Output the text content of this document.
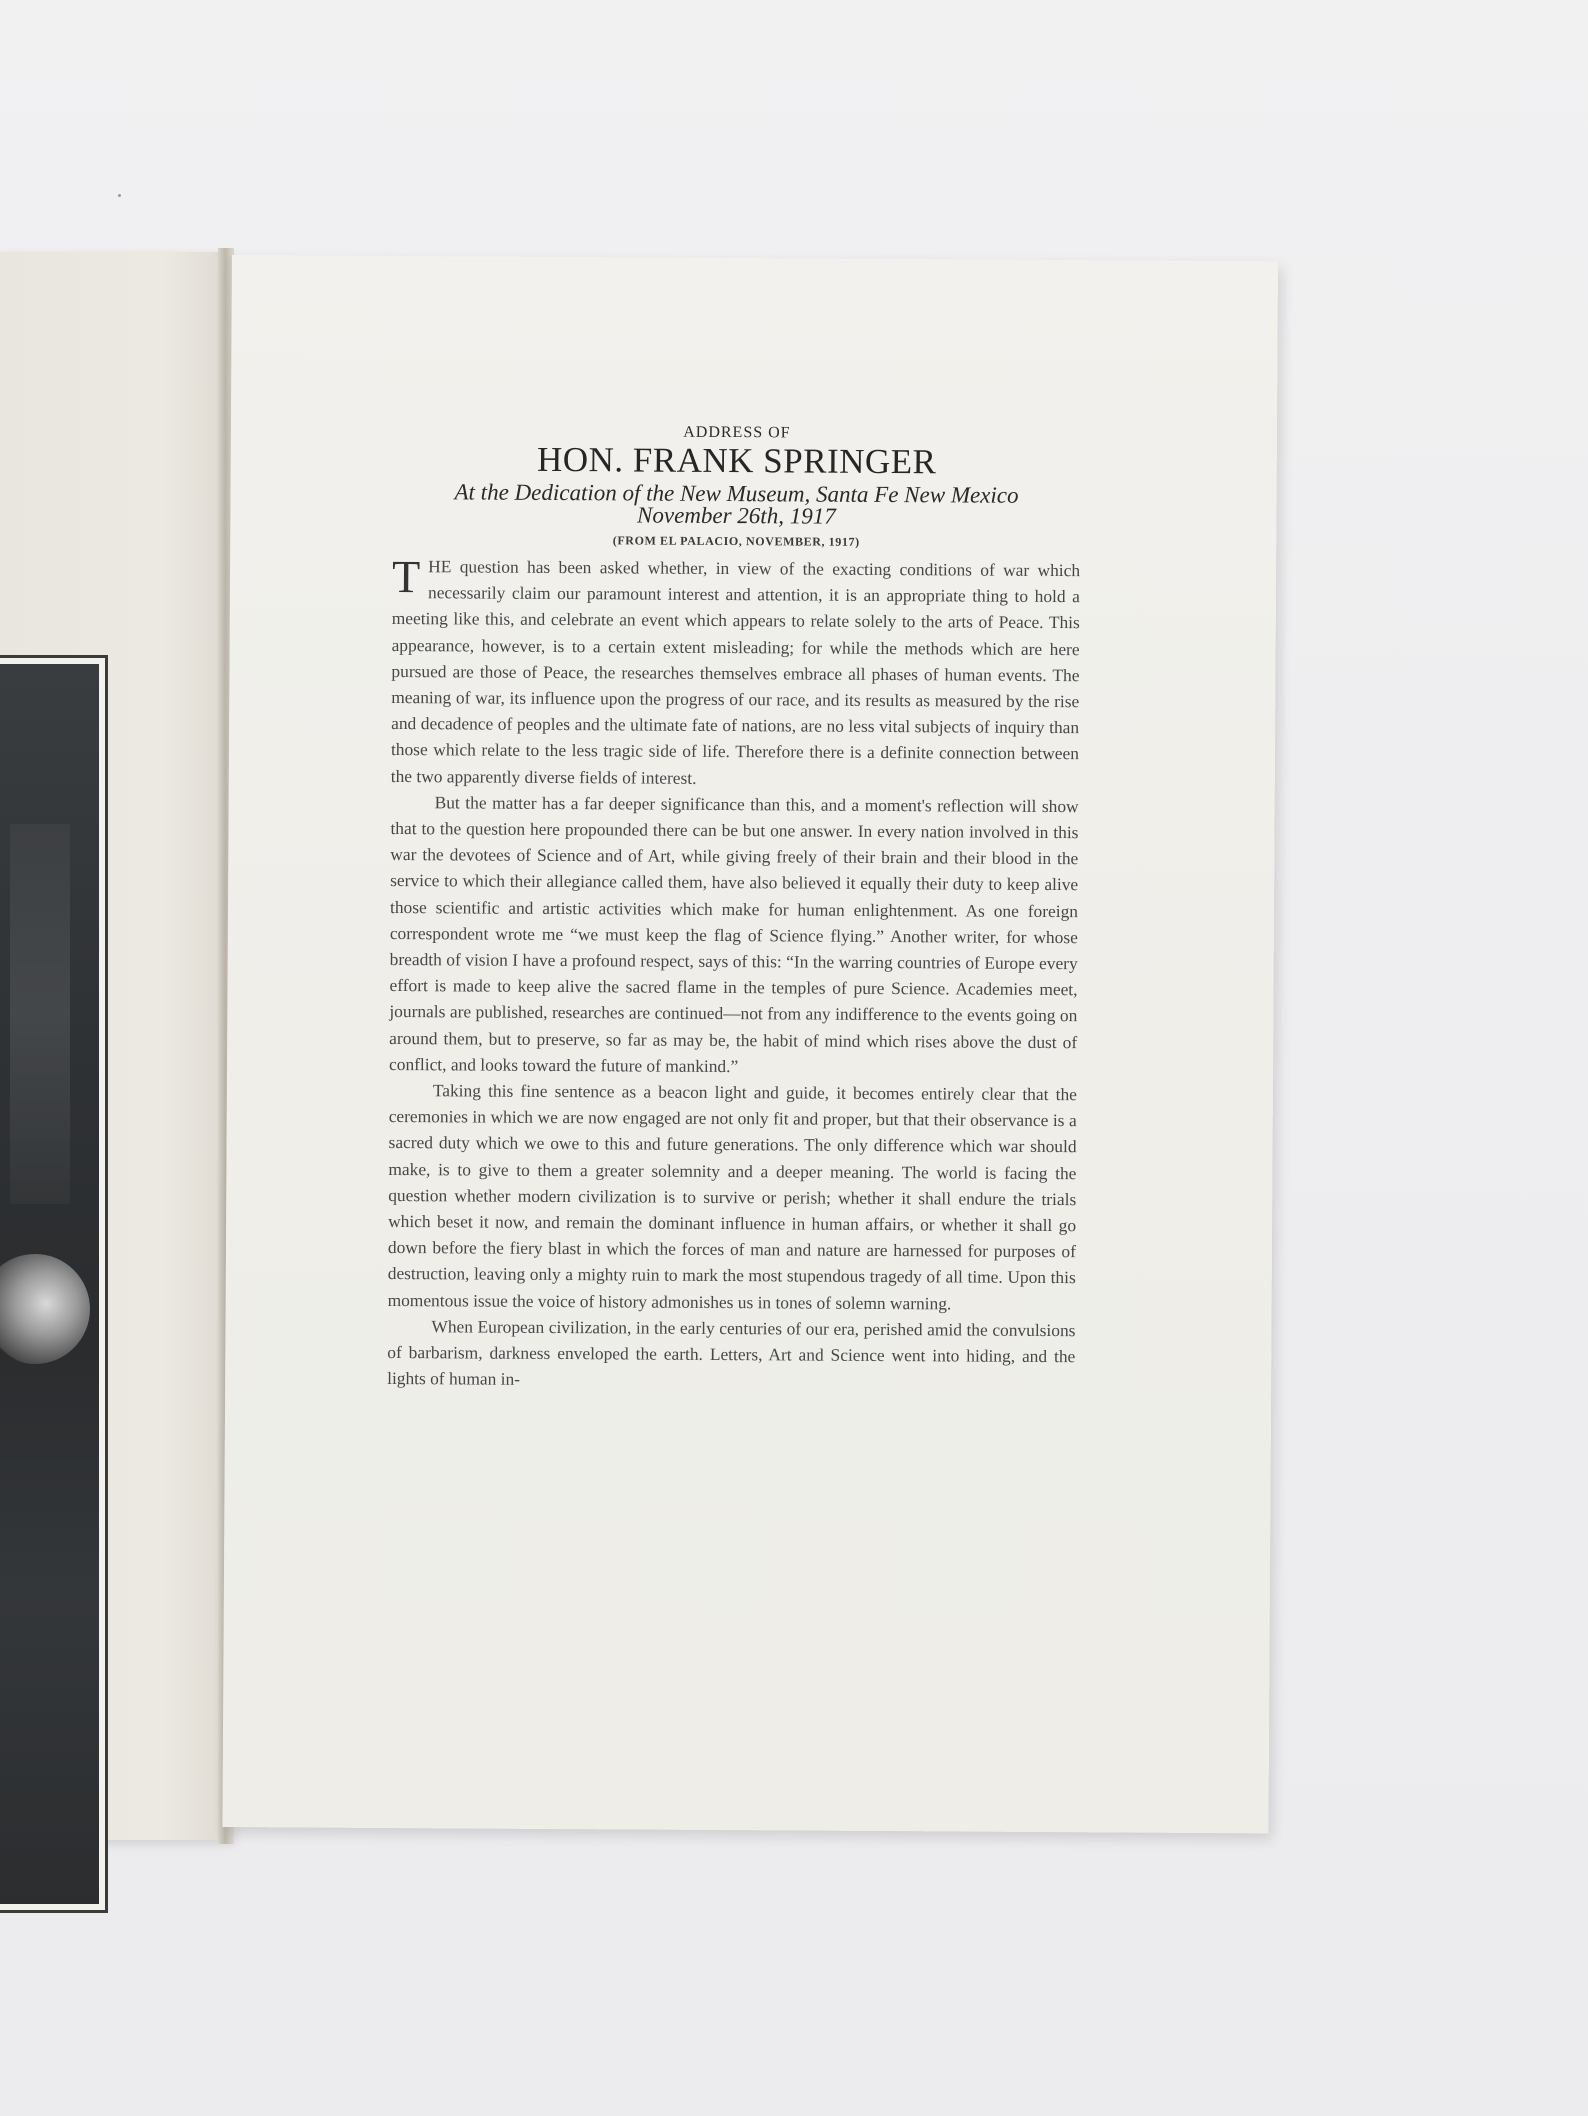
ADDRESS OF

HON. FRANK SPRINGER

At the Dedication of the New Museum, Santa Fe New Mexico

November 26th, 1917

(FROM EL PALACIO, NOVEMBER, 1917)

THE question has been asked whether, in view of the exacting conditions of war which necessarily claim our paramount interest and attention, it is an appropriate thing to hold a meeting like this, and celebrate an event which appears to relate solely to the arts of Peace. This appearance, however, is to a certain extent misleading; for while the methods which are here pursued are those of Peace, the researches themselves embrace all phases of human events. The meaning of war, its influence upon the progress of our race, and its results as measured by the rise and decadence of peoples and the ultimate fate of nations, are no less vital subjects of inquiry than those which relate to the less tragic side of life. Therefore there is a definite connection between the two apparently diverse fields of interest.

But the matter has a far deeper significance than this, and a moment's reflection will show that to the question here propounded there can be but one answer. In every nation involved in this war the devotees of Science and of Art, while giving freely of their brain and their blood in the service to which their allegiance called them, have also believed it equally their duty to keep alive those scientific and artistic activities which make for human enlightenment. As one foreign correspondent wrote me “we must keep the flag of Science flying.” Another writer, for whose breadth of vision I have a profound respect, says of this: “In the warring countries of Europe every effort is made to keep alive the sacred flame in the temples of pure Science. Academies meet, journals are published, researches are continued—not from any indifference to the events going on around them, but to preserve, so far as may be, the habit of mind which rises above the dust of conflict, and looks toward the future of mankind.”

Taking this fine sentence as a beacon light and guide, it becomes entirely clear that the ceremonies in which we are now engaged are not only fit and proper, but that their observance is a sacred duty which we owe to this and future generations. The only difference which war should make, is to give to them a greater solemnity and a deeper meaning. The world is facing the question whether modern civilization is to survive or perish; whether it shall endure the trials which beset it now, and remain the dominant influence in human affairs, or whether it shall go down before the fiery blast in which the forces of man and nature are harnessed for purposes of destruction, leaving only a mighty ruin to mark the most stupendous tragedy of all time. Upon this momentous issue the voice of history admonishes us in tones of solemn warning.

When European civilization, in the early centuries of our era, perished amid the convulsions of barbarism, darkness enveloped the earth. Letters, Art and Science went into hiding, and the lights of human in-
